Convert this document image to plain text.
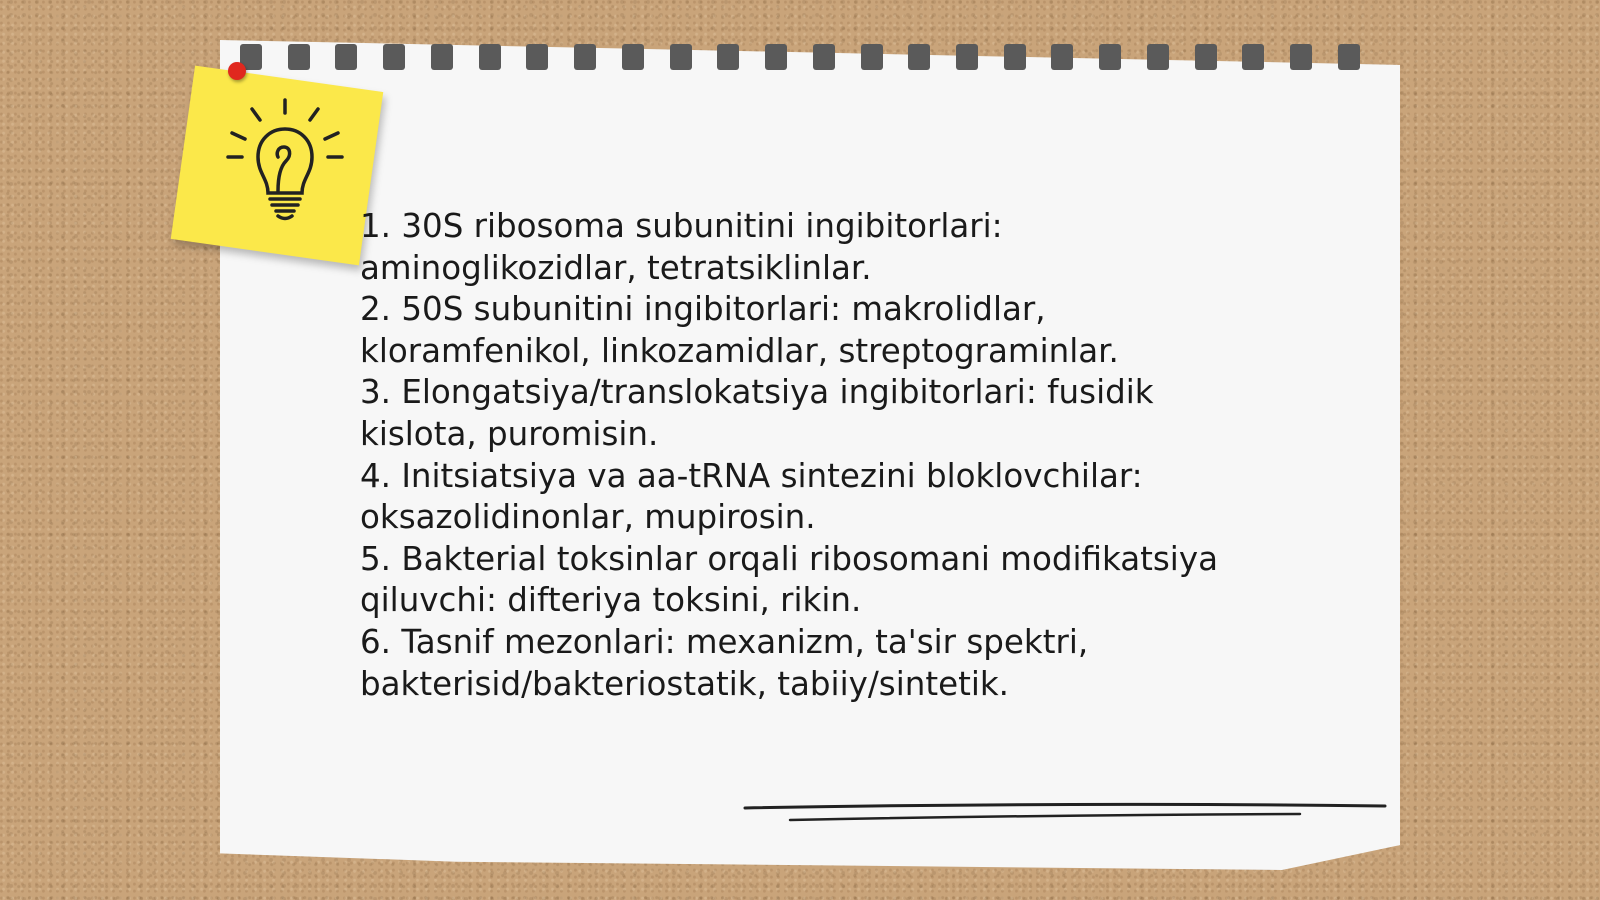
1. 30S ribosoma subunitini ingibitorlari: aminoglikozidlar, tetratsiklinlar.
2. 50S subunitini ingibitorlari: makrolidlar, kloramfenikol, linkozamidlar, streptograminlar.
3. Elongatsiya/translokatsiya ingibitorlari: fusidik kislota, puromisin.
4. Initsiatsiya va aa-tRNA sintezini bloklovchilar: oksazolidinonlar, mupirosin.
5. Bakterial toksinlar orqali ribosomani modifikatsiya qiluvchi: difteriya toksini, rikin.
6. Tasnif mezonlari: mexanizm, ta'sir spektri, bakterisid/bakteriostatik, tabiiy/sintetik.
